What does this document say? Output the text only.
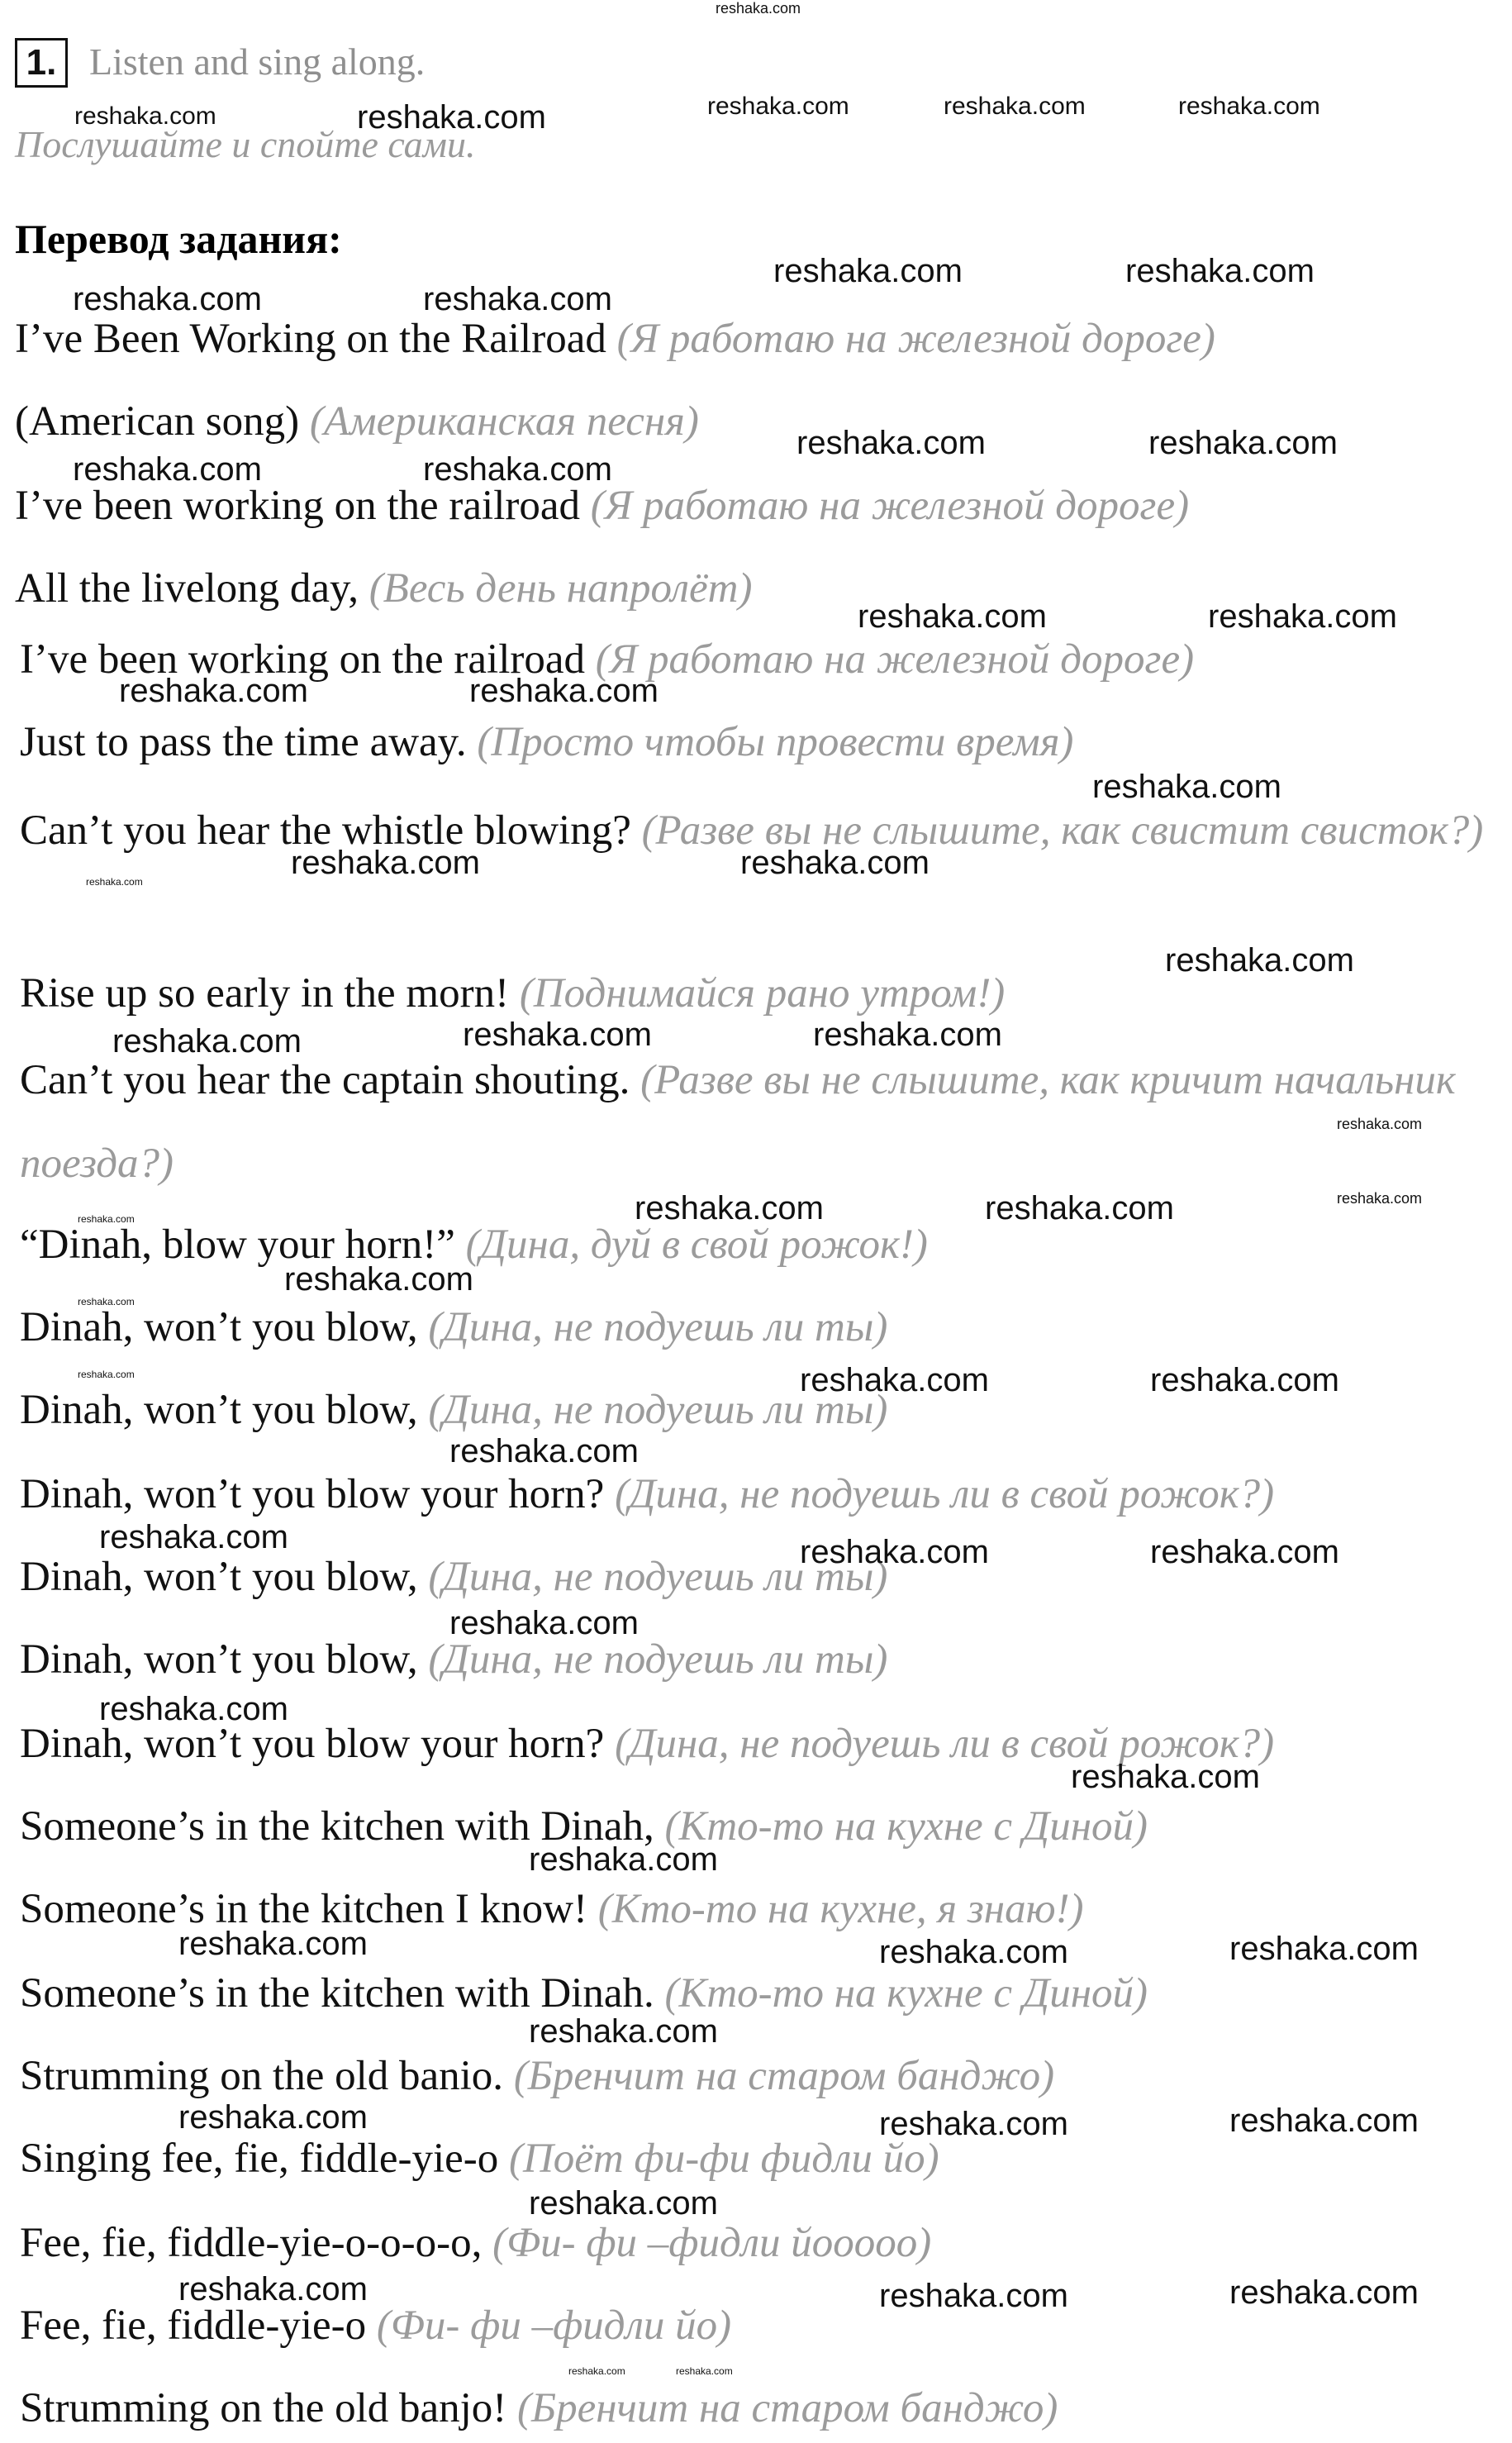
1. Listen and sing along.
Послушайте и спойте сами.
Перевод задания:
I’ve Been Working on the Railroad (Я работаю на железной дороге)
(American song) (Американская песня)
I’ve been working on the railroad (Я работаю на железной дороге)
All the livelong day, (Весь день напролёт)
I’ve been working on the railroad (Я работаю на железной дороге)
Just to pass the time away. (Просто чтобы провести время)
Can’t you hear the whistle blowing? (Разве вы не слышите, как свистит свисток?)
Rise up so early in the morn! (Поднимайся рано утром!)
Can’t you hear the captain shouting. (Разве вы не слышите, как кричит начальник поезда?)
“Dinah, blow your horn!” (Дина, дуй в свой рожок!)
Dinah, won’t you blow, (Дина, не подуешь ли ты)
Dinah, won’t you blow, (Дина, не подуешь ли ты)
Dinah, won’t you blow your horn? (Дина, не подуешь ли в свой рожок?)
Dinah, won’t you blow, (Дина, не подуешь ли ты)
Dinah, won’t you blow, (Дина, не подуешь ли ты)
Dinah, won’t you blow your horn? (Дина, не подуешь ли в свой рожок?)
Someone’s in the kitchen with Dinah, (Кто-то на кухне с Диной)
Someone’s in the kitchen I know! (Кто-то на кухне, я знаю!)
Someone’s in the kitchen with Dinah. (Кто-то на кухне с Диной)
Strumming on the old banio. (Бренчит на старом банджо)
Singing fee, fie, fiddle-yie-o (Поёт фи-фи фидли йо)
Fee, fie, fiddle-yie-o-o-o-o, (Фи- фи –фидли йоoooo)
Fee, fie, fiddle-yie-o (Фи- фи –фидли йо)
Strumming on the old banjo! (Бренчит на старом банджо)
reshaka.com
reshaka.com	reshaka.com	reshaka.com	reshaka.com	reshaka.com
reshaka.com	reshaka.com
reshaka.com	reshaka.com
reshaka.com	reshaka.com
reshaka.com	reshaka.com
reshaka.com	reshaka.com
reshaka.com	reshaka.com
reshaka.com
reshaka.com	reshaka.com
reshaka.com
reshaka.com
reshaka.com	reshaka.com	reshaka.com
reshaka.com
reshaka.com
reshaka.com	reshaka.com
reshaka.com
reshaka.com
reshaka.com
reshaka.com	reshaka.com	reshaka.com
reshaka.com
reshaka.com	reshaka.com	reshaka.com
reshaka.com
reshaka.com
reshaka.com
reshaka.com
reshaka.com	reshaka.com	reshaka.com
reshaka.com
reshaka.com	reshaka.com	reshaka.com
reshaka.com
reshaka.com	reshaka.com	reshaka.com
reshaka.com	reshaka.com
